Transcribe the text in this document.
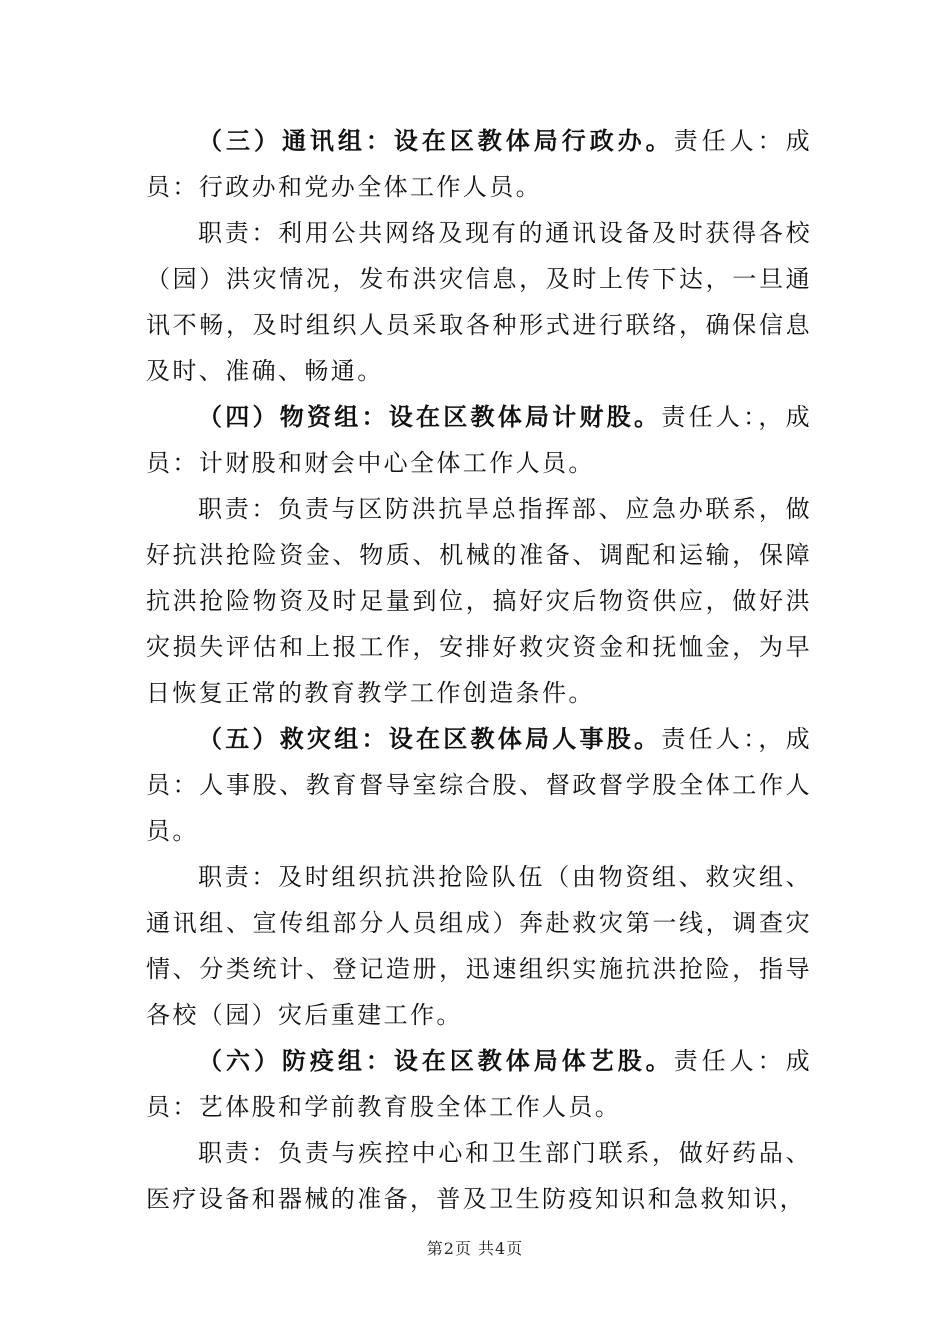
（三）通讯组：设在区教体局行政办。责任人：成员：行政办和党办全体工作人员。

职责：利用公共网络及现有的通讯设备及时获得各校（园）洪灾情况，发布洪灾信息，及时上传下达，一旦通讯不畅，及时组织人员采取各种形式进行联络，确保信息及时、准确、畅通。

（四）物资组：设在区教体局计财股。责任人：，成员：计财股和财会中心全体工作人员。

职责：负责与区防洪抗旱总指挥部、应急办联系，做好抗洪抢险资金、物质、机械的准备、调配和运输，保障抗洪抢险物资及时足量到位，搞好灾后物资供应，做好洪灾损失评估和上报工作，安排好救灾资金和抚恤金，为早日恢复正常的教育教学工作创造条件。

（五）救灾组：设在区教体局人事股。责任人：，成员：人事股、教育督导室综合股、督政督学股全体工作人员。

职责：及时组织抗洪抢险队伍（由物资组、救灾组、通讯组、宣传组部分人员组成）奔赴救灾第一线，调查灾情、分类统计、登记造册，迅速组织实施抗洪抢险，指导各校（园）灾后重建工作。

（六）防疫组：设在区教体局体艺股。责任人：成员：艺体股和学前教育股全体工作人员。

职责：负责与疾控中心和卫生部门联系，做好药品、医疗设备和器械的准备，普及卫生防疫知识和急救知识，

第2页 共4页
